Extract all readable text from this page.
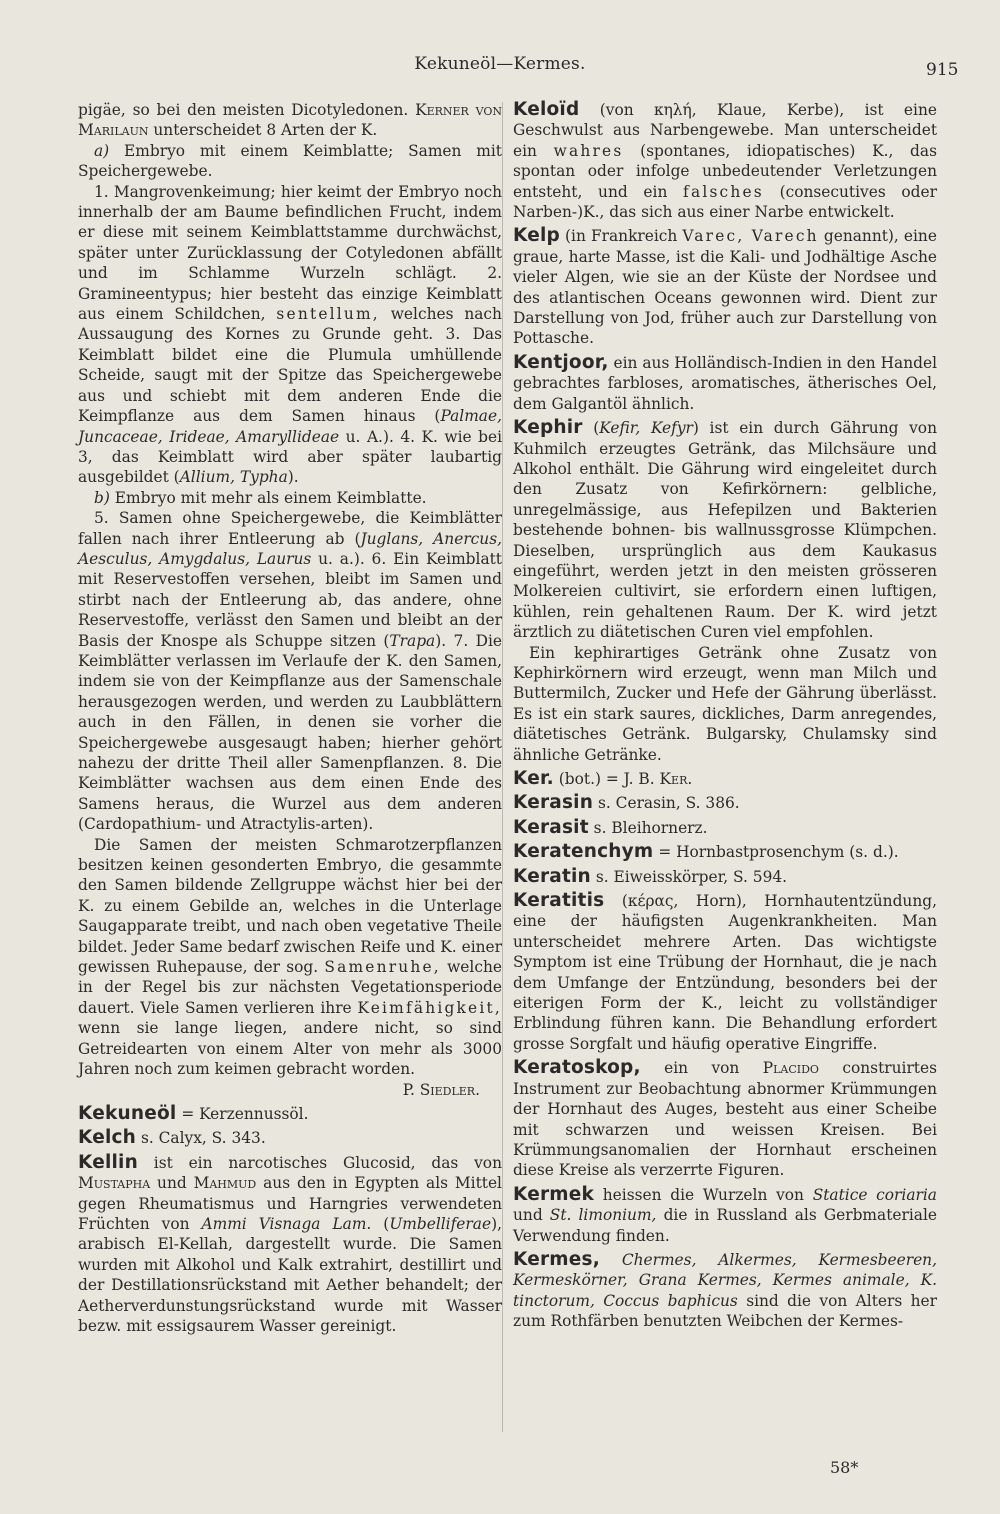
Kekuneöl—Kermes.	915

pigäe, so bei den meisten Dicotyledonen. Kerner von Marilaun unterscheidet 8 Arten der K.

a) Embryo mit einem Keimblatte; Samen mit Speichergewebe.

1. Mangrovenkeimung; hier keimt der Embryo noch innerhalb der am Baume befindlichen Frucht, indem er diese mit seinem Keimblattstamme durchwächst, später unter Zurücklassung der Cotyledonen abfällt und im Schlamme Wurzeln schlägt. 2. Gramineentypus; hier besteht das einzige Keimblatt aus einem Schildchen, sentellum, welches nach Aussaugung des Kornes zu Grunde geht. 3. Das Keimblatt bildet eine die Plumula umhüllende Scheide, saugt mit der Spitze das Speichergewebe aus und schiebt mit dem anderen Ende die Keimpflanze aus dem Samen hinaus (Palmae, Juncaceae, Irideae, Amaryllideae u. A.). 4. K. wie bei 3, das Keimblatt wird aber später laubartig ausgebildet (Allium, Typha).

b) Embryo mit mehr als einem Keimblatte.

5. Samen ohne Speichergewebe, die Keimblätter fallen nach ihrer Entleerung ab (Juglans, Anercus, Aesculus, Amygdalus, Laurus u. a.). 6. Ein Keimblatt mit Reservestoffen versehen, bleibt im Samen und stirbt nach der Entleerung ab, das andere, ohne Reservestoffe, verlässt den Samen und bleibt an der Basis der Knospe als Schuppe sitzen (Trapa). 7. Die Keimblätter verlassen im Verlaufe der K. den Samen, indem sie von der Keimpflanze aus der Samenschale herausgezogen werden, und werden zu Laubblättern auch in den Fällen, in denen sie vorher die Speichergewebe ausgesaugt haben; hierher gehört nahezu der dritte Theil aller Samenpflanzen. 8. Die Keimblätter wachsen aus dem einen Ende des Samens heraus, die Wurzel aus dem anderen (Cardopathium- und Atractylis-arten).

Die Samen der meisten Schmarotzerpflanzen besitzen keinen gesonderten Embryo, die gesammte den Samen bildende Zellgruppe wächst hier bei der K. zu einem Gebilde an, welches in die Unterlage Saugapparate treibt, und nach oben vegetative Theile bildet. Jeder Same bedarf zwischen Reife und K. einer gewissen Ruhepause, der sog. Samenruhe, welche in der Regel bis zur nächsten Vegetationsperiode dauert. Viele Samen verlieren ihre Keimfähigkeit, wenn sie lange liegen, andere nicht, so sind Getreidearten von einem Alter von mehr als 3000 Jahren noch zum keimen gebracht worden.
P. Siedler.

Kekuneöl = Kerzennussöl.

Kelch s. Calyx, S. 343.

Kellin ist ein narcotisches Glucosid, das von Mustapha und Mahmud aus den in Egypten als Mittel gegen Rheumatismus und Harngries verwendeten Früchten von Ammi Visnaga Lam. (Umbelliferae), arabisch El-Kellah, dargestellt wurde. Die Samen wurden mit Alkohol und Kalk extrahirt, destillirt und der Destillationsrückstand mit Aether behandelt; der Aetherverdunstungsrückstand wurde mit Wasser bezw. mit essigsaurem Wasser gereinigt.

Keloïd (von κηλή, Klaue, Kerbe), ist eine Geschwulst aus Narbengewebe. Man unterscheidet ein wahres (spontanes, idiopatisches) K., das spontan oder infolge unbedeutender Verletzungen entsteht, und ein falsches (consecutives oder Narben-)K., das sich aus einer Narbe entwickelt.

Kelp (in Frankreich Varec, Varech genannt), eine graue, harte Masse, ist die Kali- und Jodhältige Asche vieler Algen, wie sie an der Küste der Nordsee und des atlantischen Oceans gewonnen wird. Dient zur Darstellung von Jod, früher auch zur Darstellung von Pottasche.

Kentjoor, ein aus Holländisch-Indien in den Handel gebrachtes farbloses, aromatisches, ätherisches Oel, dem Galgantöl ähnlich.

Kephir (Kefir, Kefyr) ist ein durch Gährung von Kuhmilch erzeugtes Getränk, das Milchsäure und Alkohol enthält. Die Gährung wird eingeleitet durch den Zusatz von Kefirkörnern: gelbliche, unregelmässige, aus Hefepilzen und Bakterien bestehende bohnen- bis wallnussgrosse Klümpchen. Dieselben, ursprünglich aus dem Kaukasus eingeführt, werden jetzt in den meisten grösseren Molkereien cultivirt, sie erfordern einen luftigen, kühlen, rein gehaltenen Raum. Der K. wird jetzt ärztlich zu diätetischen Curen viel empfohlen.

Ein kephirartiges Getränk ohne Zusatz von Kephirkörnern wird erzeugt, wenn man Milch und Buttermilch, Zucker und Hefe der Gährung überlässt. Es ist ein stark saures, dickliches, Darm anregendes, diätetisches Getränk. Bulgarsky, Chulamsky sind ähnliche Getränke.

Ker. (bot.) = J. B. Ker.

Kerasin s. Cerasin, S. 386.

Kerasit s. Bleihornerz.

Keratenchym = Hornbastprosenchym (s. d.).

Keratin s. Eiweisskörper, S. 594.

Keratitis (κέρας, Horn), Hornhautentzündung, eine der häufigsten Augenkrankheiten. Man unterscheidet mehrere Arten. Das wichtigste Symptom ist eine Trübung der Hornhaut, die je nach dem Umfange der Entzündung, besonders bei der eiterigen Form der K., leicht zu vollständiger Erblindung führen kann. Die Behandlung erfordert grosse Sorgfalt und häufig operative Eingriffe.

Keratoskop, ein von Placido construirtes Instrument zur Beobachtung abnormer Krümmungen der Hornhaut des Auges, besteht aus einer Scheibe mit schwarzen und weissen Kreisen. Bei Krümmungsanomalien der Hornhaut erscheinen diese Kreise als verzerrte Figuren.

Kermek heissen die Wurzeln von Statice coriaria und St. limonium, die in Russland als Gerbmateriale Verwendung finden.

Kermes, Chermes, Alkermes, Kermesbeeren, Kermeskörner, Grana Kermes, Kermes animale, K. tinctorum, Coccus baphicus sind die von Alters her zum Rothfärben benutzten Weibchen der Kermes-

58*
